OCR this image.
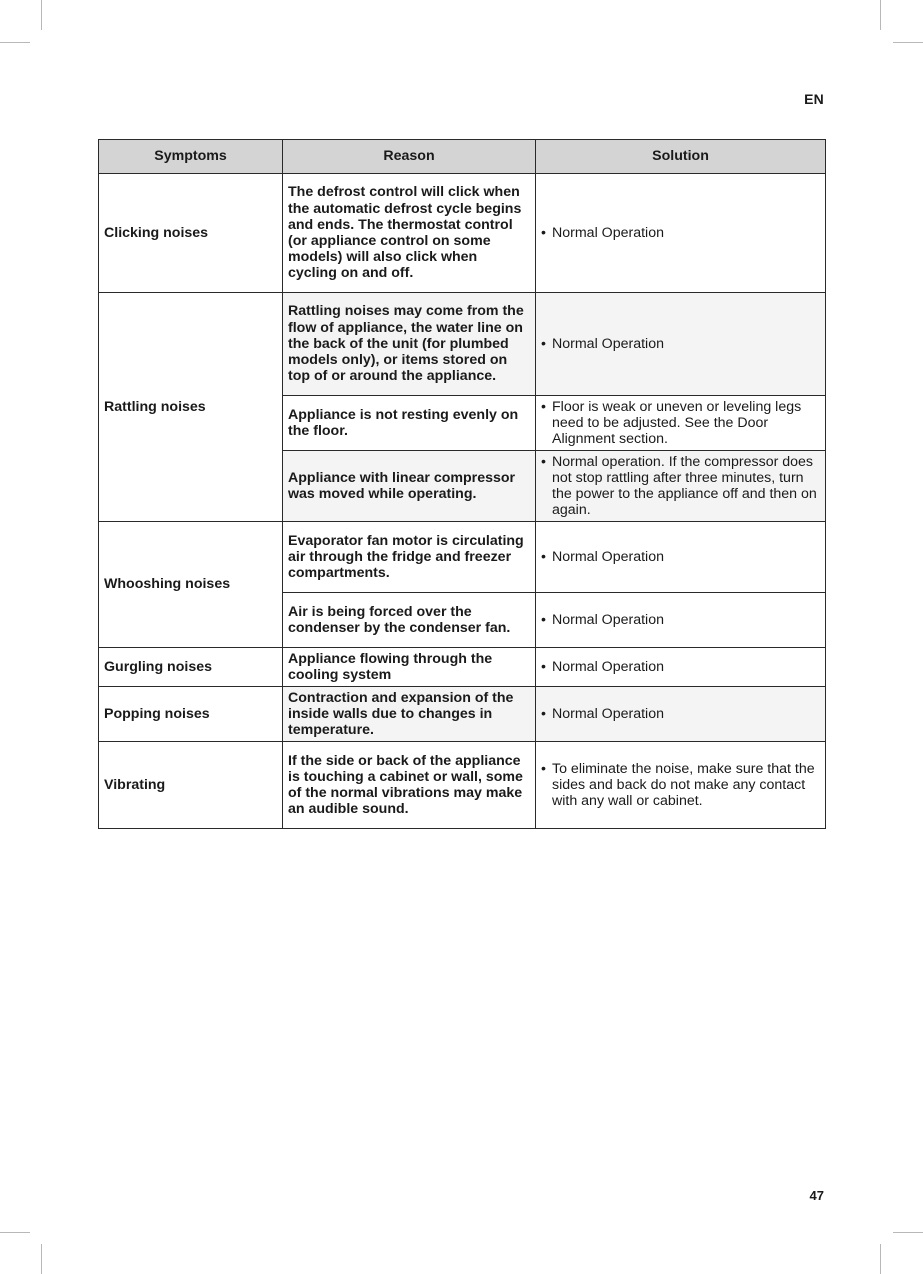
EN
Symptoms	Reason	Solution
Clicking noises	The defrost control will click when the automatic defrost cycle begins and ends. The thermostat control (or appliance control on some models) will also click when cycling on and off.	• Normal Operation

Rattling noises	Rattling noises may come from the flow of appliance, the water line on the back of the unit (for plumbed models only), or items stored on top of or around the appliance.	• Normal Operation

	Appliance is not resting evenly on the floor.	• Floor is weak or uneven or leveling legs need to be adjusted. See the Door Alignment section.

	Appliance with linear compressor was moved while operating.	• Normal operation. If the compressor does not stop rattling after three minutes, turn the power to the appliance off and then on again.

Whooshing noises	Evaporator fan motor is circulating air through the fridge and freezer compartments.	• Normal Operation

	Air is being forced over the condenser by the condenser fan.	• Normal Operation

Gurgling noises	Appliance flowing through the cooling system	• Normal Operation

Popping noises	Contraction and expansion of the inside walls due to changes in temperature.	• Normal Operation

Vibrating	If the side or back of the appliance is touching a cabinet or wall, some of the normal vibrations may make an audible sound.	• To eliminate the noise, make sure that the sides and back do not make any contact with any wall or cabinet.
47
